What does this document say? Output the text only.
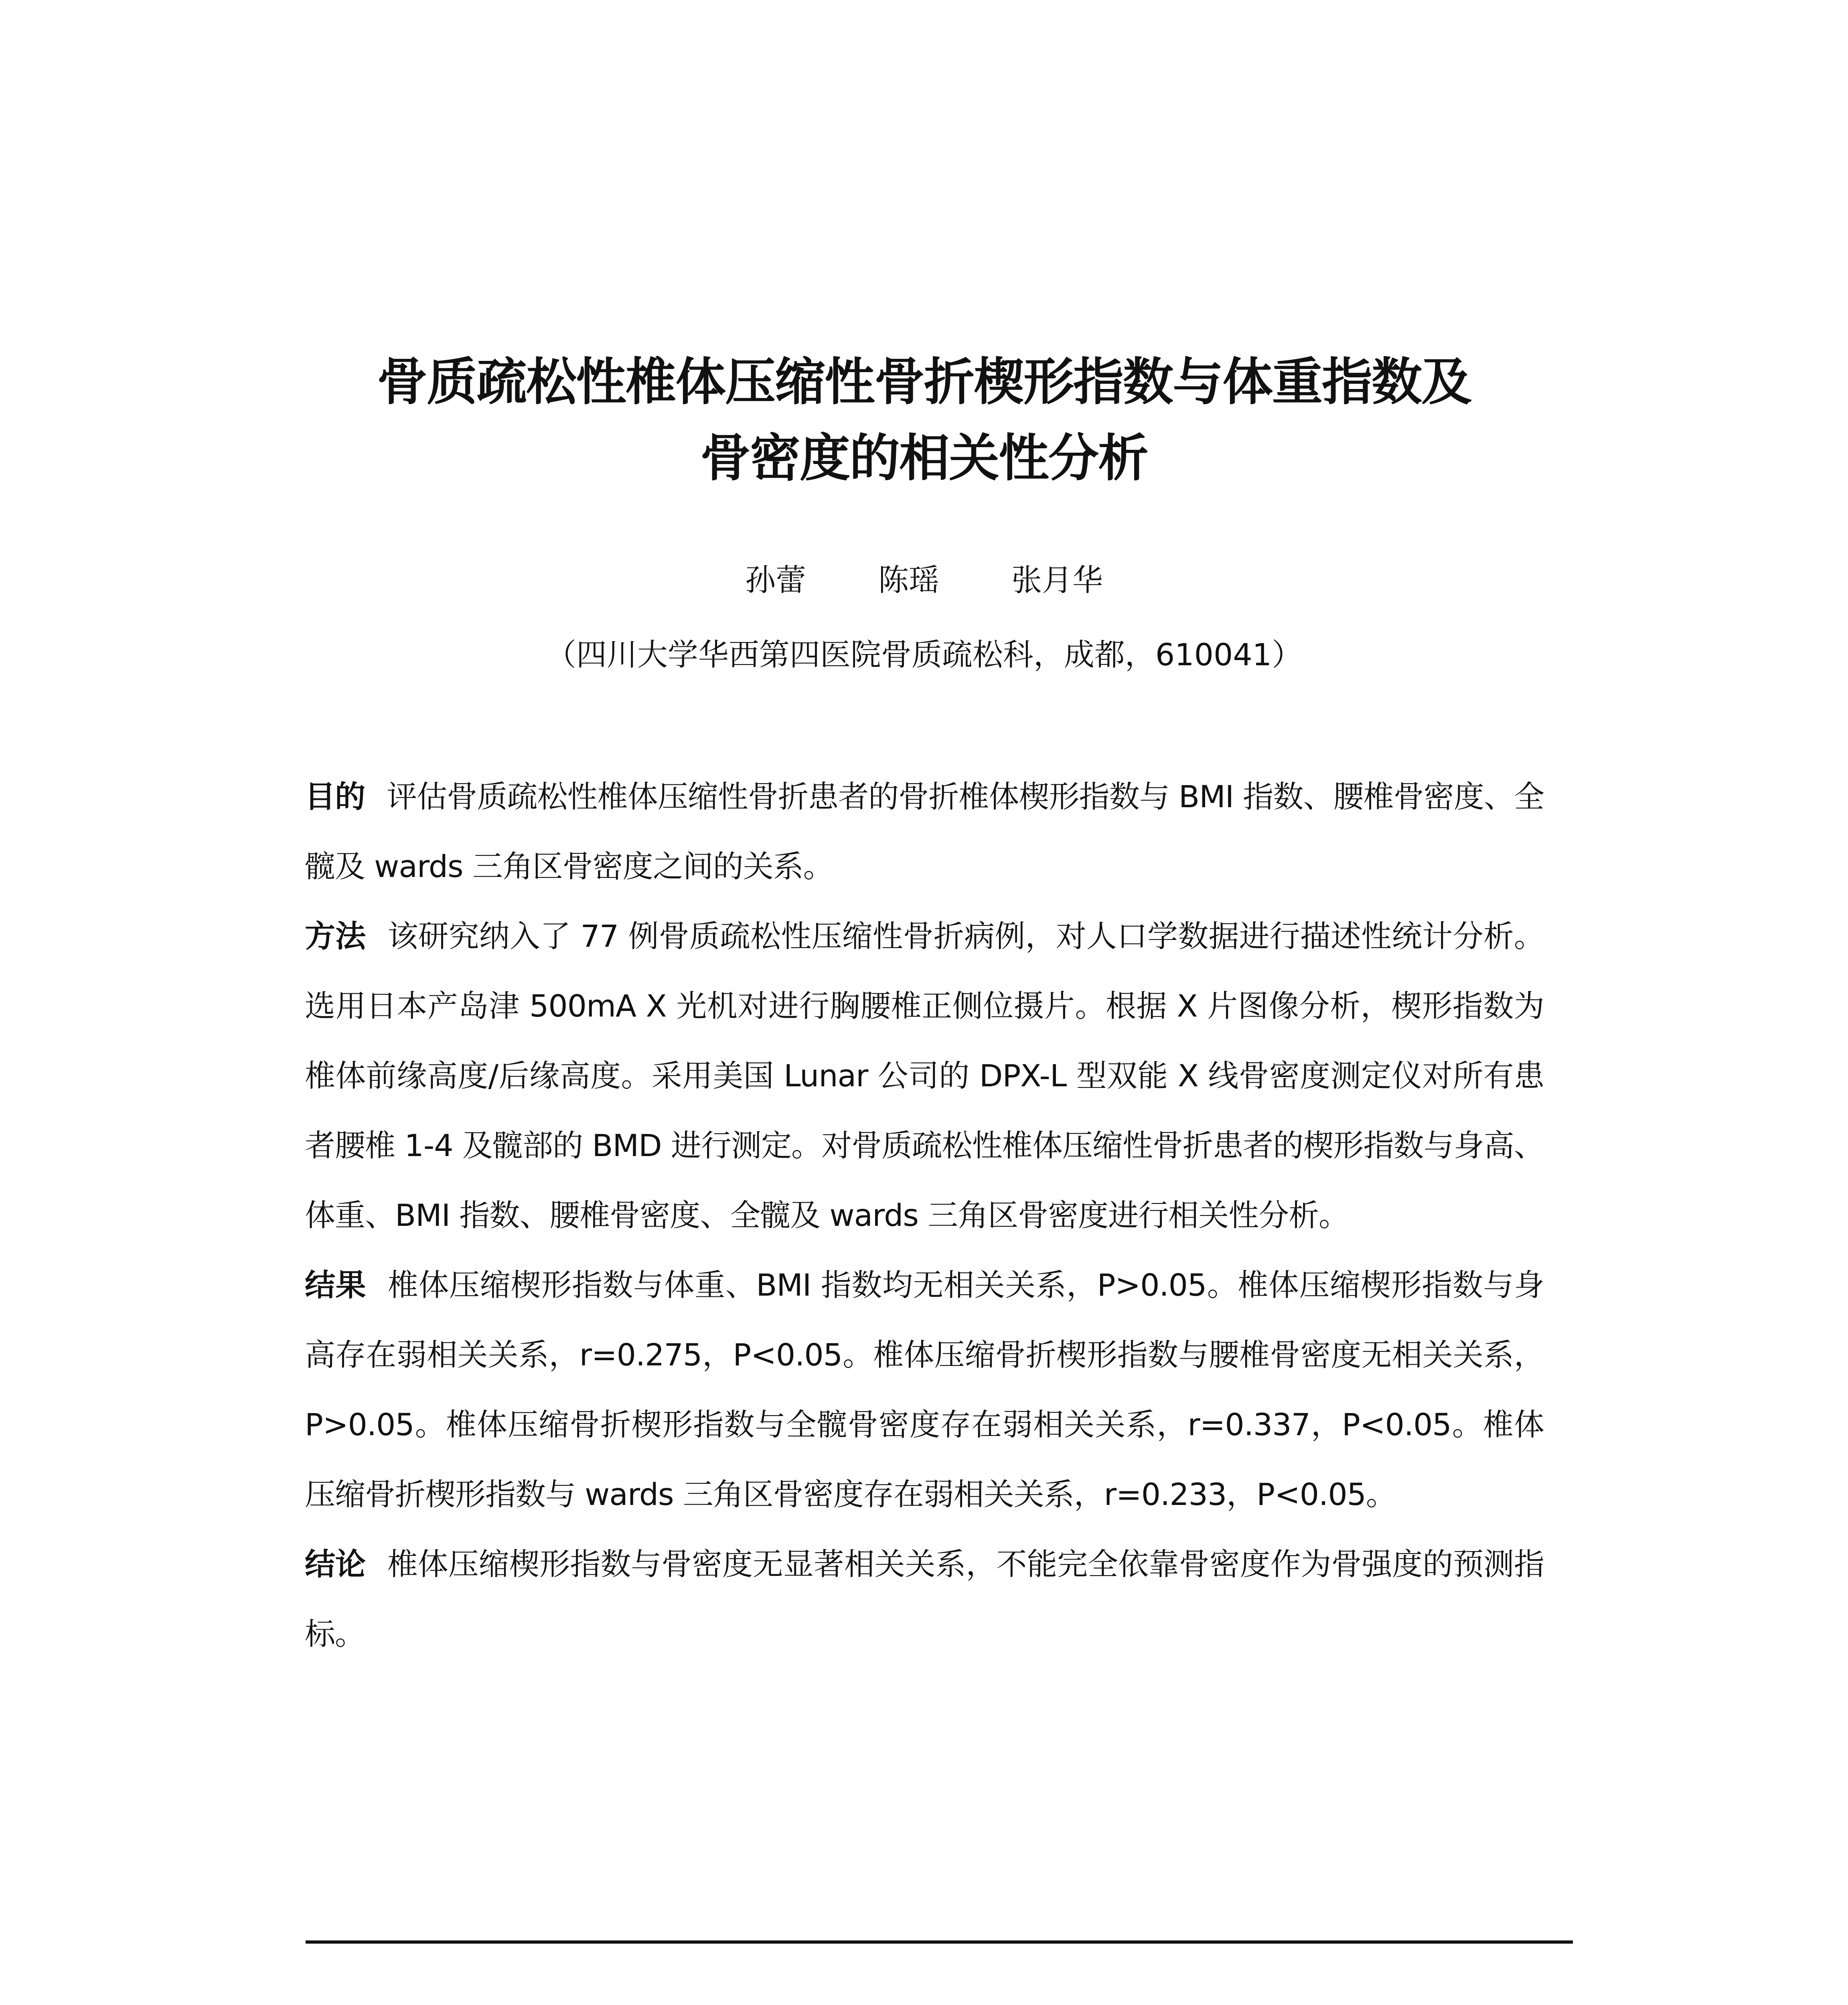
骨质疏松性椎体压缩性骨折楔形指数与体重指数及
骨密度的相关性分析
孙蕾 陈瑶 张月华
（四川大学华西第四医院骨质疏松科，成都，610041）

目的 评估骨质疏松性椎体压缩性骨折患者的骨折椎体楔形指数与 BMI 指数、腰椎骨密度、全髋及 wards 三角区骨密度之间的关系。

方法 该研究纳入了 77 例骨质疏松性压缩性骨折病例，对人口学数据进行描述性统计分析。选用日本产岛津 500mA X 光机对进行胸腰椎正侧位摄片。根据 X 片图像分析，楔形指数为椎体前缘高度/后缘高度。采用美国 Lunar 公司的 DPX-L 型双能 X 线骨密度测定仪对所有患者腰椎 1-4 及髋部的 BMD 进行测定。对骨质疏松性椎体压缩性骨折患者的楔形指数与身高、体重、BMI 指数、腰椎骨密度、全髋及 wards 三角区骨密度进行相关性分析。

结果 椎体压缩楔形指数与体重、BMI 指数均无相关关系，P>0.05。椎体压缩楔形指数与身高存在弱相关关系，r=0.275，P<0.05。椎体压缩骨折楔形指数与腰椎骨密度无相关关系，P>0.05。椎体压缩骨折楔形指数与全髋骨密度存在弱相关关系，r=0.337，P<0.05。椎体压缩骨折楔形指数与 wards 三角区骨密度存在弱相关关系，r=0.233，P<0.05。

结论 椎体压缩楔形指数与骨密度无显著相关关系，不能完全依靠骨密度作为骨强度的预测指标。
